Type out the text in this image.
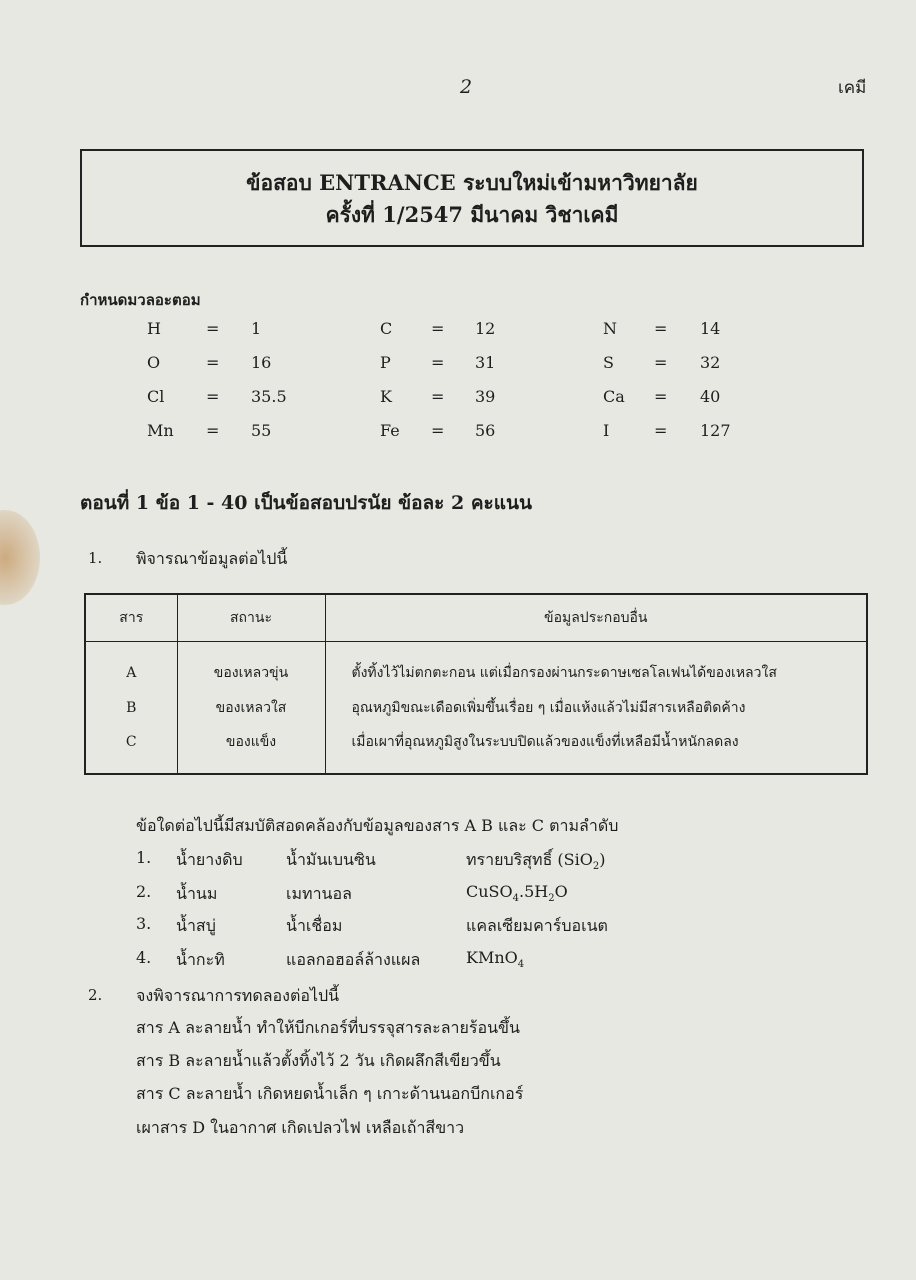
2	เคมี
ข้อสอบ ENTRANCE ระบบใหม่เข้ามหาวิทยาลัย
ครั้งที่ 1/2547 มีนาคม วิชาเคมี
กำหนดมวลอะตอม
H	= 1	C = 12	N = 14
O	= 16	P	= 31	S	= 32
Cl	= 35.5	K = 39	Ca = 40
Mn = 55	Fe = 56	I	= 127
ตอนที่ 1 ข้อ 1 - 40 เป็นข้อสอบปรนัย ข้อละ 2 คะแนน
1. พิจารณาข้อมูลต่อไปนี้
สาร	สถานะ	ข้อมูลประกอบอื่น
A	ของเหลวขุ่น	ตั้งทิ้งไว้ไม่ตกตะกอน แต่เมื่อกรองผ่านกระดาษเซลโลเฟนได้ของเหลวใส
B	ของเหลวใส	อุณหภูมิขณะเดือดเพิ่มขึ้นเรื่อย ๆ เมื่อแห้งแล้วไม่มีสารเหลือติดค้าง
C	ของแข็ง	เมื่อเผาที่อุณหภูมิสูงในระบบปิดแล้วของแข็งที่เหลือมีน้ำหนักลดลง
ข้อใดต่อไปนี้มีสมบัติสอดคล้องกับข้อมูลของสาร A B และ C ตามลำดับ
1. น้ำยางดิบ	น้ำมันเบนซิน	ทรายบริสุทธิ์ (SiO$_2$)
2. น้ำนม	เมทานอล	$CuSO_4.5H_2O$
3. น้ำสบู่	น้ำเชื่อม	แคลเซียมคาร์บอเนต
4. น้ำกะทิ	แอลกอฮอล์ล้างแผล	KMnO$_4$
2. จงพิจารณาการทดลองต่อไปนี้
สาร A ละลายน้ำ ทำให้บีกเกอร์ที่บรรจุสารละลายร้อนขึ้น
สาร B ละลายน้ำแล้วตั้งทิ้งไว้ 2 วัน เกิดผลึกสีเขียวขึ้น
สาร C ละลายน้ำ เกิดหยดน้ำเล็ก ๆ เกาะด้านนอกบีกเกอร์
เผาสาร D ในอากาศ เกิดเปลวไฟ เหลือเถ้าสีขาว
